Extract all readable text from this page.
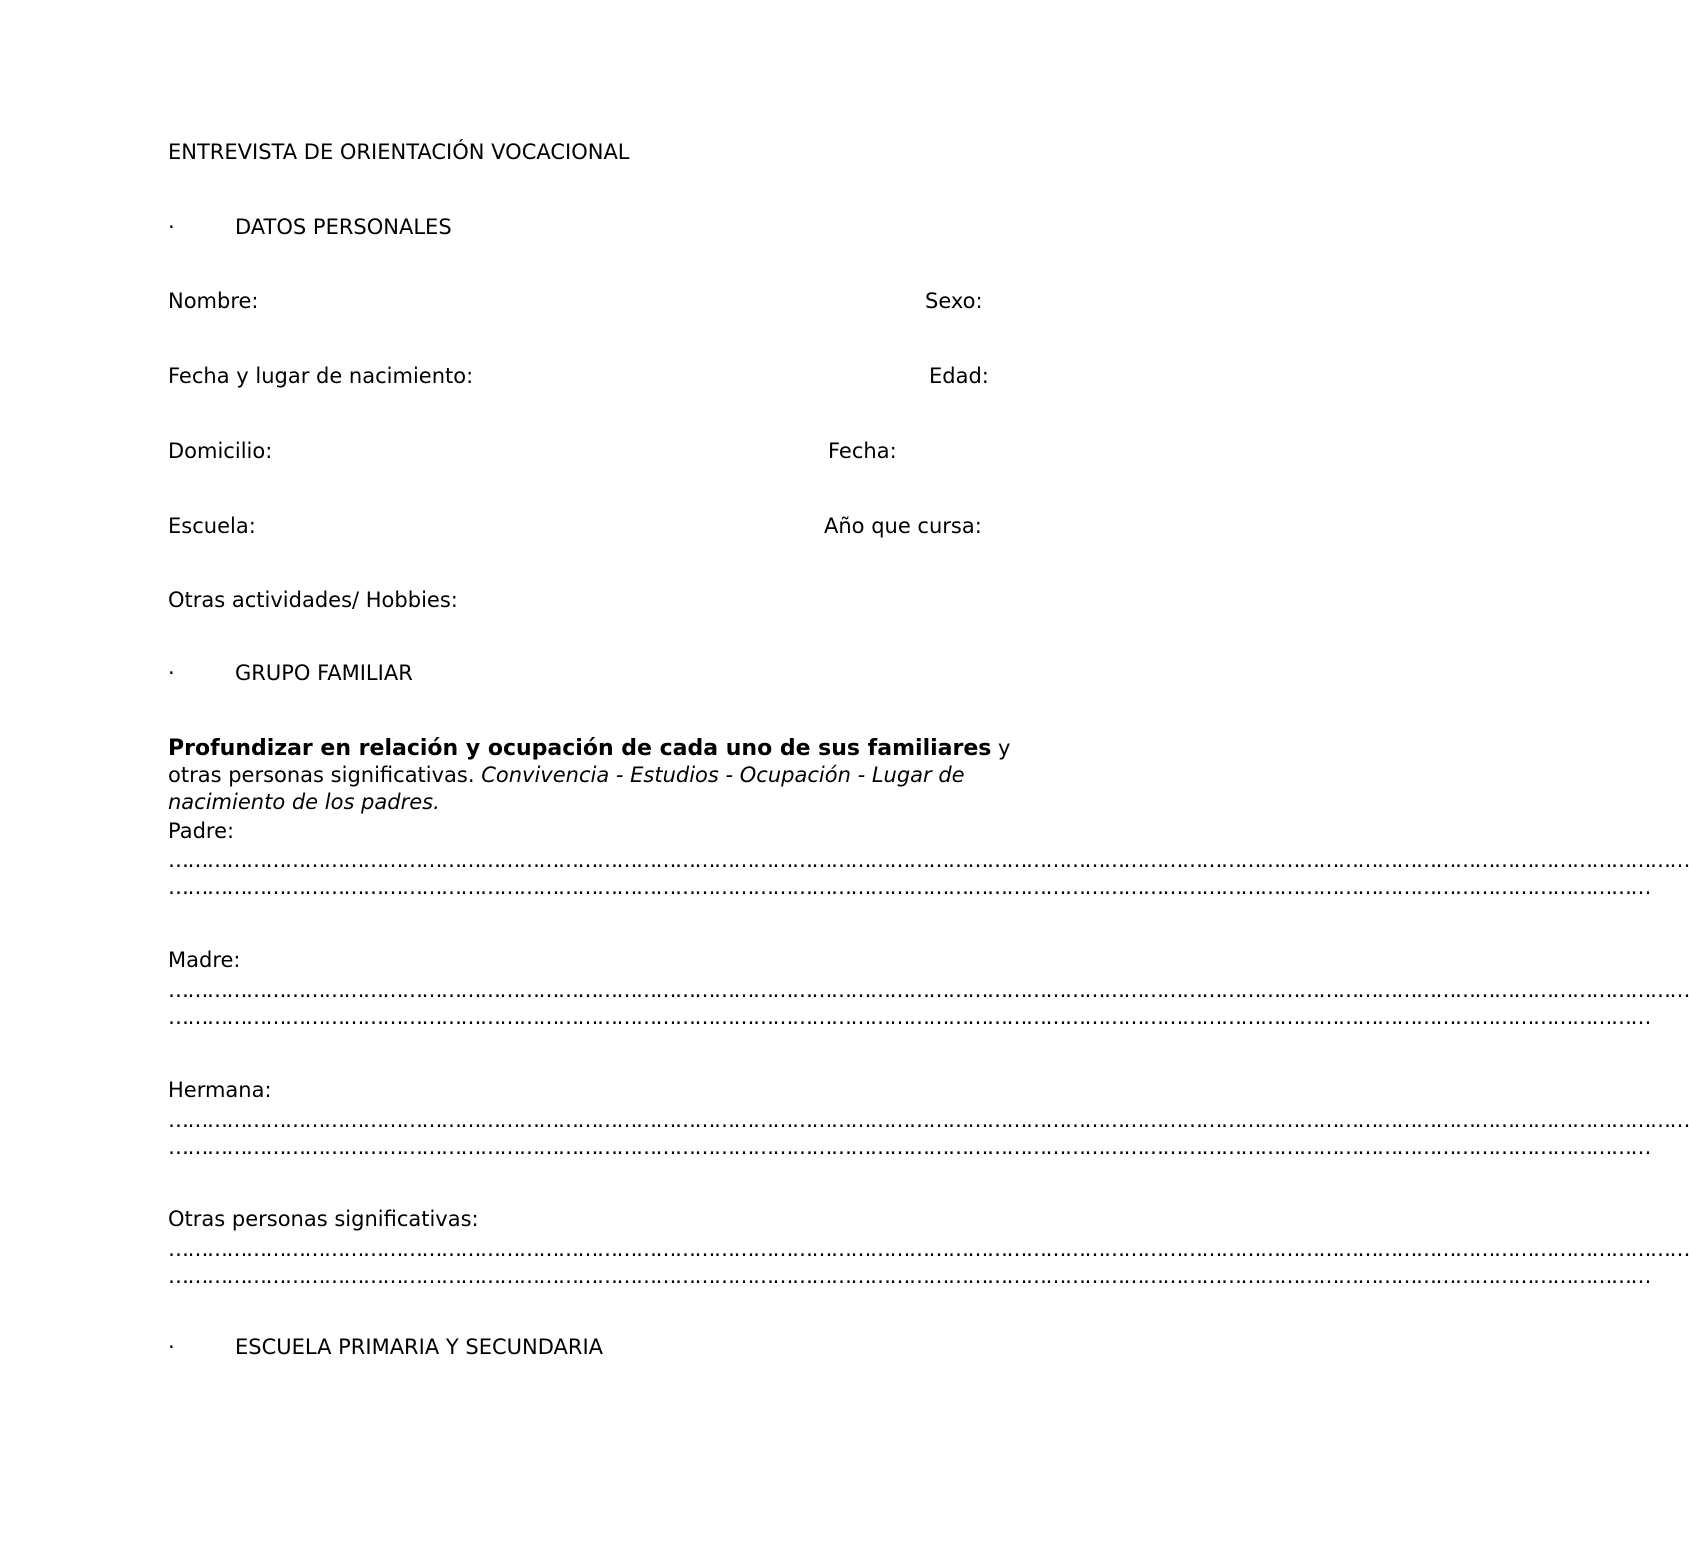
ENTREVISTA DE ORIENTACIÓN VOCACIONAL
·	DATOS PERSONALES
Nombre:	Sexo:
Fecha y lugar de nacimiento:	Edad:
Domicilio:	Fecha:
Escuela:	Año que cursa:
Otras actividades/ Hobbies:
·	GRUPO FAMILIAR
Profundizar en relación y ocupación de cada uno de sus familiares y otras personas significativas. Convivencia - Estudios - Ocupación - Lugar de nacimiento de los padres.
Padre:
………………………………………………………………………………………………………………………………………………………………………………………………………………
…………………………………………………………………………………………………………………………………………………………………………………………………………
Madre:
………………………………………………………………………………………………………………………………………………………………………………………………………………
…………………………………………………………………………………………………………………………………………………………………………………………………………
Hermana:
………………………………………………………………………………………………………………………………………………………………………………………………………………
…………………………………………………………………………………………………………………………………………………………………………………………………………
Otras personas significativas:
………………………………………………………………………………………………………………………………………………………………………………………………………………
…………………………………………………………………………………………………………………………………………………………………………………………………………
·	ESCUELA PRIMARIA Y SECUNDARIA
